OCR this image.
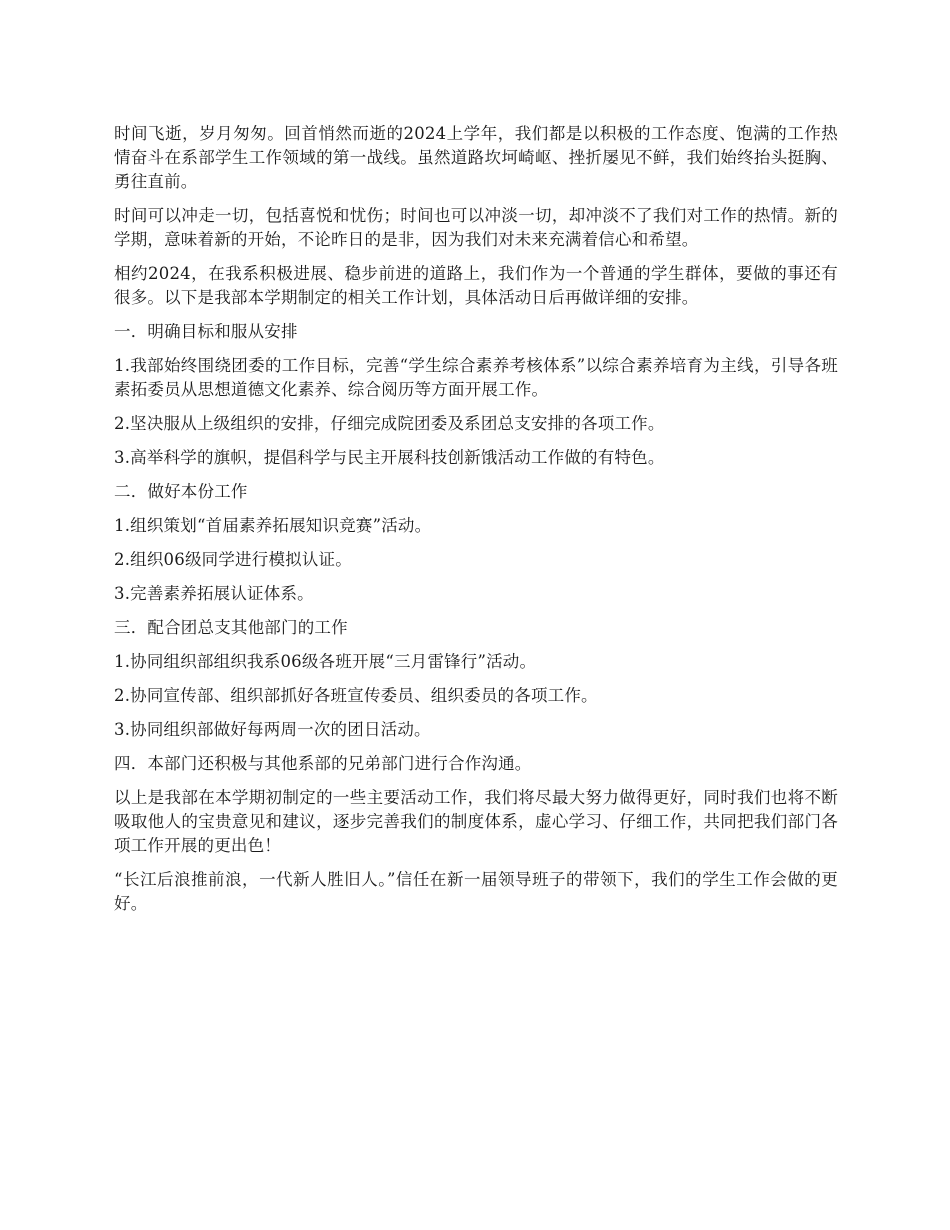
时间飞逝，岁月匆匆。回首悄然而逝的2024上学年，我们都是以积极的工作态度、饱满的工作热情奋斗在系部学生工作领域的第一战线。虽然道路坎坷崎岖、挫折屡见不鲜，我们始终抬头挺胸、勇往直前。

时间可以冲走一切，包括喜悦和忧伤；时间也可以冲淡一切，却冲淡不了我们对工作的热情。新的学期，意味着新的开始，不论昨日的是非，因为我们对未来充满着信心和希望。

相约2024，在我系积极进展、稳步前进的道路上，我们作为一个普通的学生群体，要做的事还有很多。以下是我部本学期制定的相关工作计划，具体活动日后再做详细的安排。

一．明确目标和服从安排

1.我部始终围绕团委的工作目标，完善“学生综合素养考核体系”以综合素养培育为主线，引导各班素拓委员从思想道德文化素养、综合阅历等方面开展工作。

2.坚决服从上级组织的安排，仔细完成院团委及系团总支安排的各项工作。

3.高举科学的旗帜，提倡科学与民主开展科技创新饿活动工作做的有特色。

二．做好本份工作

1.组织策划“首届素养拓展知识竞赛”活动。

2.组织06级同学进行模拟认证。

3.完善素养拓展认证体系。

三．配合团总支其他部门的工作

1.协同组织部组织我系06级各班开展“三月雷锋行”活动。

2.协同宣传部、组织部抓好各班宣传委员、组织委员的各项工作。

3.协同组织部做好每两周一次的团日活动。

四．本部门还积极与其他系部的兄弟部门进行合作沟通。

以上是我部在本学期初制定的一些主要活动工作，我们将尽最大努力做得更好，同时我们也将不断吸取他人的宝贵意见和建议，逐步完善我们的制度体系，虚心学习、仔细工作，共同把我们部门各项工作开展的更出色！

“长江后浪推前浪，一代新人胜旧人。”信任在新一届领导班子的带领下，我们的学生工作会做的更好。
